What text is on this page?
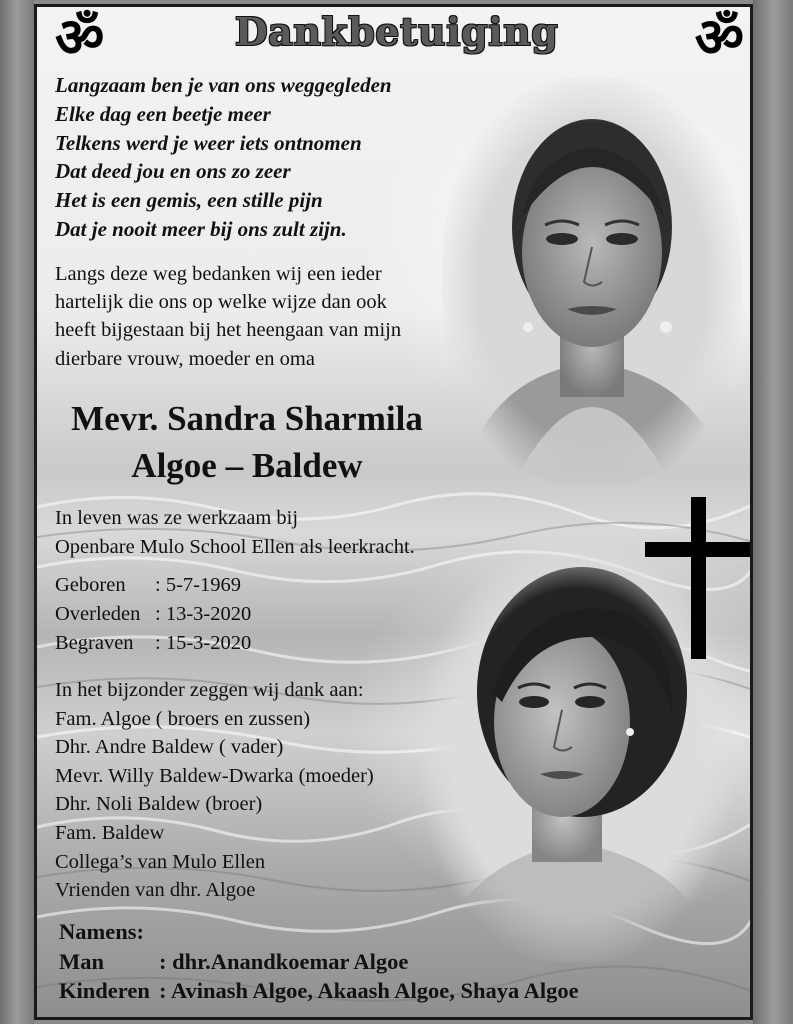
ॐ	ॐ
Dankbetuiging
Langzaam ben je van ons weggegleden
Elke dag een beetje meer
Telkens werd je weer iets ontnomen
Dat deed jou en ons zo zeer
Het is een gemis, een stille pijn
Dat je nooit meer bij ons zult zijn.
Langs deze weg bedanken wij een ieder
hartelijk die ons op welke wijze dan ook
heeft bijgestaan bij het heengaan van mijn
dierbare vrouw, moeder en oma
Mevr. Sandra Sharmila
Algoe – Baldew
In leven was ze werkzaam bij
Openbare Mulo School Ellen als leerkracht.
Geboren	: 5-7-1969
Overleden : 13-3-2020
Begraven	: 15-3-2020
In het bijzonder zeggen wij dank aan:
Fam. Algoe ( broers en zussen)
Dhr. Andre Baldew ( vader)
Mevr. Willy Baldew-Dwarka (moeder)
Dhr. Noli Baldew (broer)
Fam. Baldew
Collega’s van Mulo Ellen
Vrienden van dhr. Algoe
Namens:
Man	: dhr.Anandkoemar Algoe
Kinderen : Avinash Algoe, Akaash Algoe, Shaya Algoe
